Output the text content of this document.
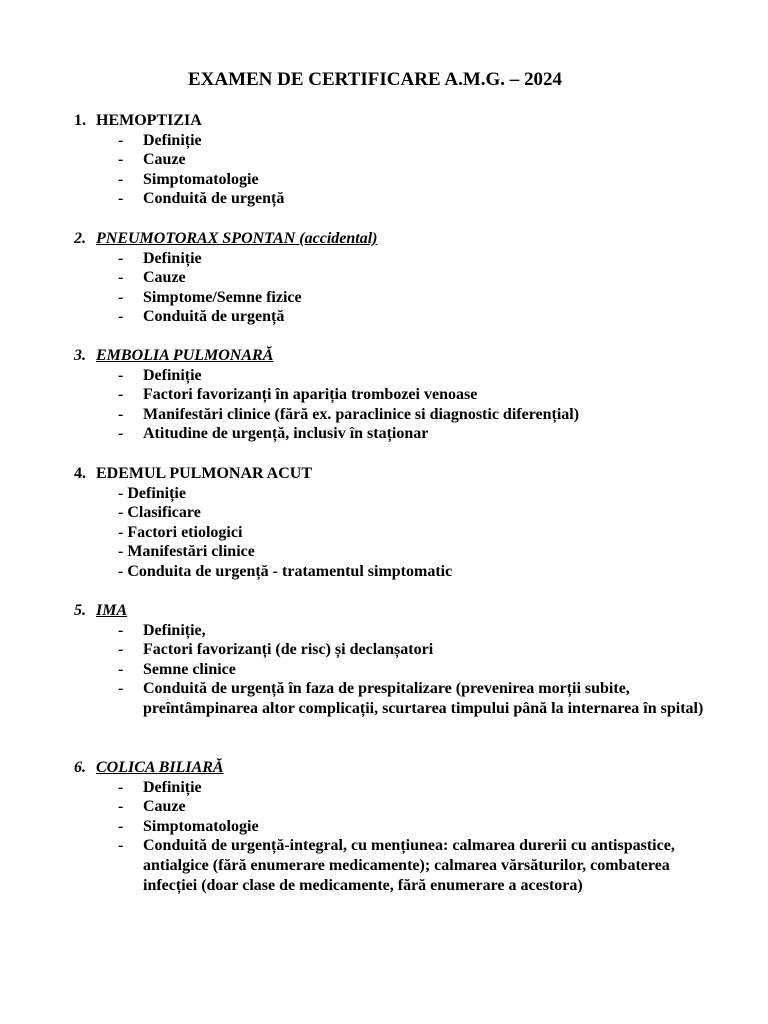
EXAMEN DE CERTIFICARE A.M.G. – 2024
1. HEMOPTIZIA
-	Definiție
-	Cauze
-	Simptomatologie
-	Conduită de urgență
2. PNEUMOTORAX SPONTAN (accidental)
-	Definiție
-	Cauze
-	Simptome/Semne fizice
-	Conduită de urgență
3. EMBOLIA PULMONARĂ
-	Definiție
-	Factori favorizanți în apariția trombozei venoase
-	Manifestări clinice (fără ex. paraclinice si diagnostic diferențial)
-	Atitudine de urgență, inclusiv în staționar
4. EDEMUL PULMONAR ACUT
- Definiție
- Clasificare
- Factori etiologici
- Manifestări clinice
- Conduita de urgență - tratamentul simptomatic
5. IMA
-	Definiție,
-	Factori favorizanți (de risc) și declanșatori
-	Semne clinice
-	Conduită de urgență în faza de prespitalizare (prevenirea morții subite, preîntâmpinarea altor complicații, scurtarea timpului până la internarea în spital)
6. COLICA BILIARĂ
-	Definiție
-	Cauze
-	Simptomatologie
-	Conduită de urgență-integral, cu mențiunea: calmarea durerii cu antispastice, antialgice (fără enumerare medicamente); calmarea vărsăturilor, combaterea infecției (doar clase de medicamente, fără enumerare a acestora)
